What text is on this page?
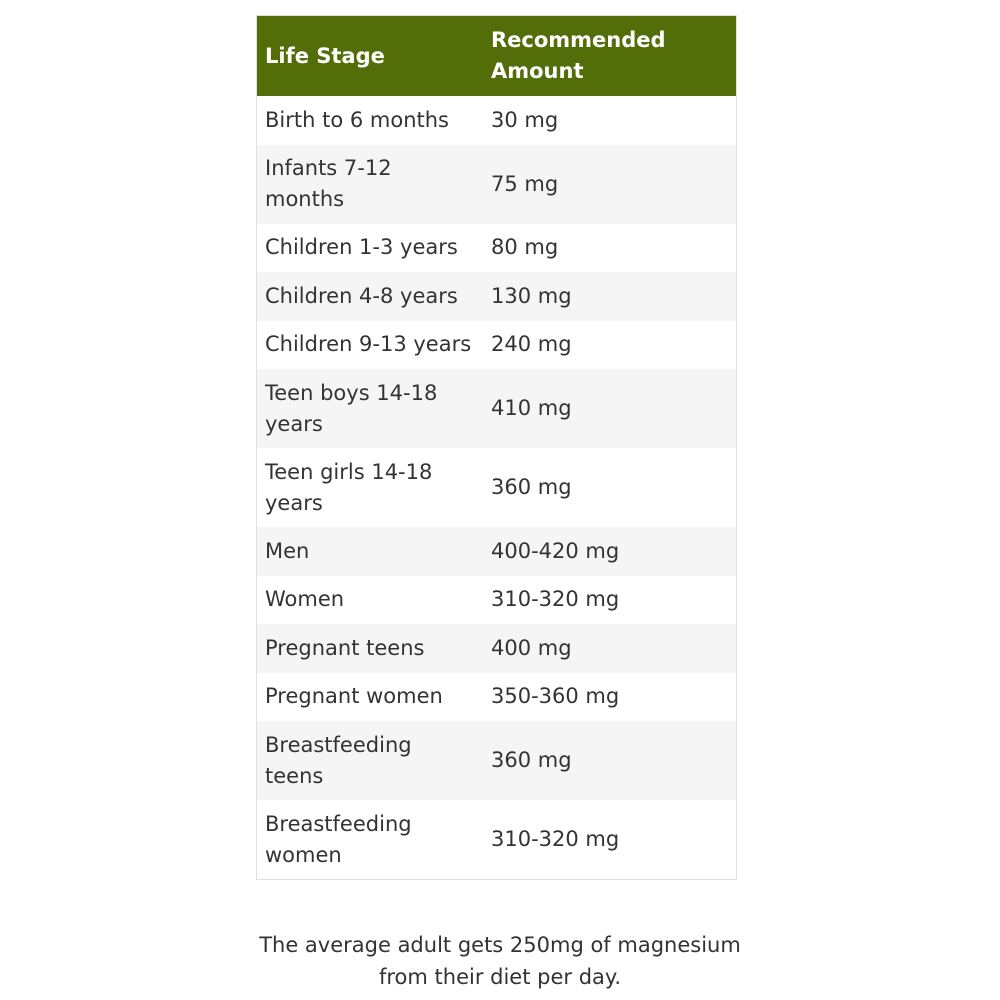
Life Stage	Recommended Amount
Birth to 6 months	30 mg
Infants 7-12 months	75 mg
Children 1-3 years	80 mg
Children 4-8 years	130 mg
Children 9-13 years	240 mg
Teen boys 14-18 years	410 mg
Teen girls 14-18 years	360 mg
Men	400-420 mg
Women	310-320 mg
Pregnant teens	400 mg
Pregnant women	350-360 mg
Breastfeeding teens	360 mg
Breastfeeding women	310-320 mg

The average adult gets 250mg of magnesium from their diet per day.
